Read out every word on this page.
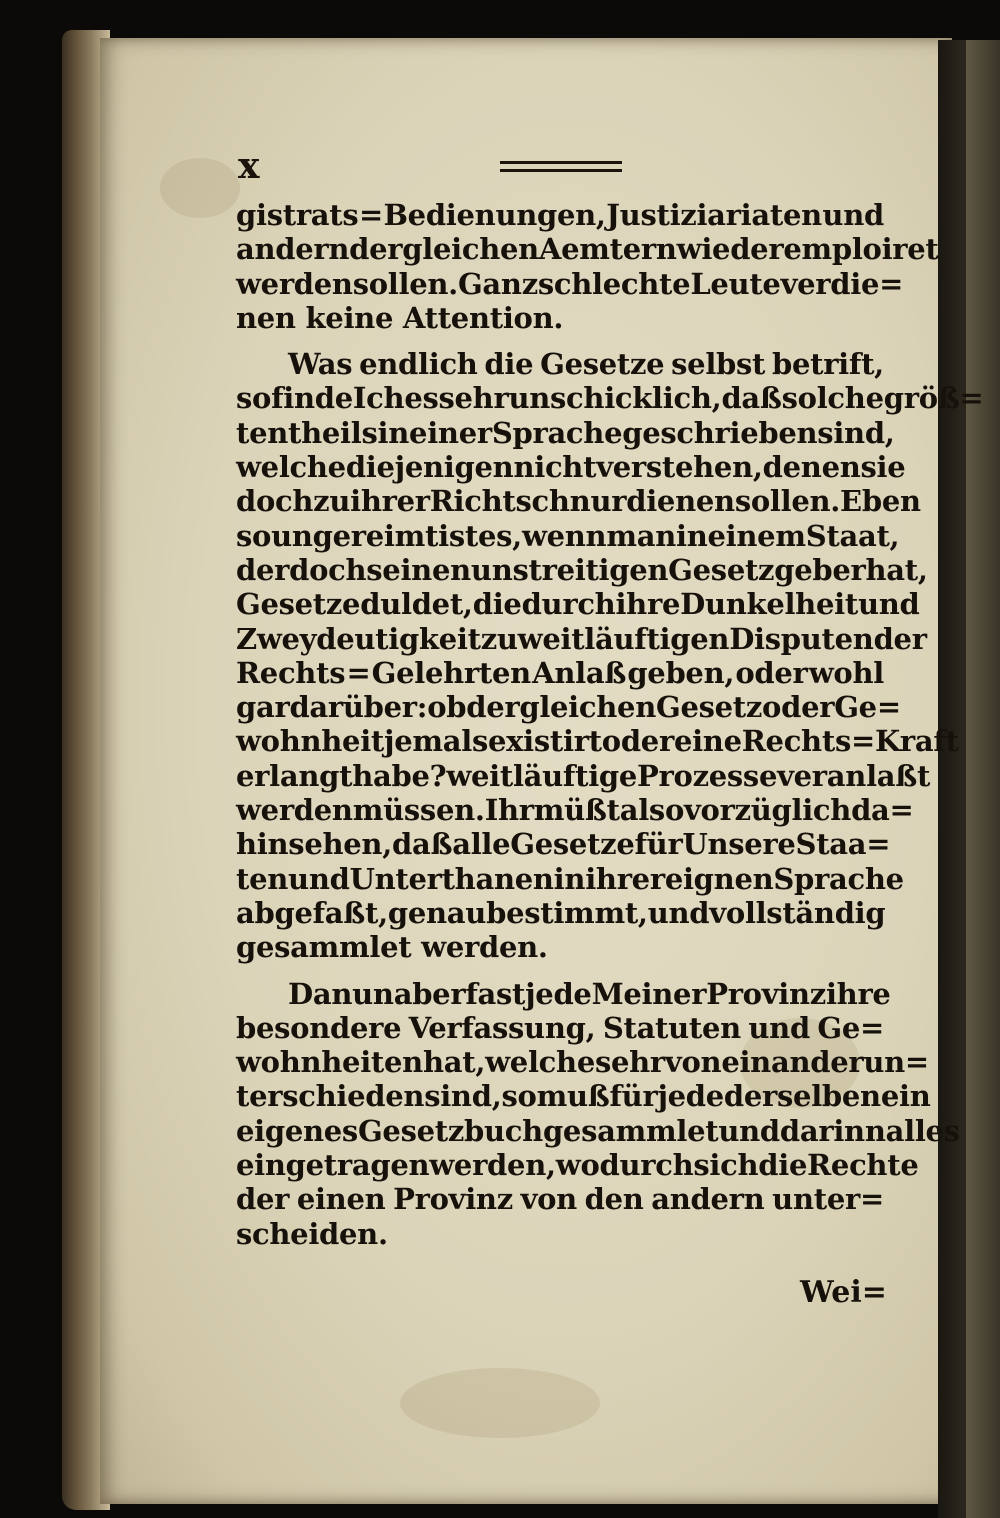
x
gistrats = Bedienungen, Justiziariaten und
andern dergleichen Aemtern wieder emploiret
werden sollen. Ganz schlechte Leute verdie=
nen keine Attention.
Was endlich die Gesetze selbst betrift,
so finde Ich es sehr unschicklich, daß solche größ=
tentheils in einer Sprache geschrieben sind,
welche diejenigen nicht verstehen, denen sie
doch zu ihrer Richtschnur dienen sollen. Eben
so ungereimt ist es, wenn man in einem Staat,
der doch seinen unstreitigen Gesetzgeber hat,
Gesetze duldet, die durch ihre Dunkelheit und
Zweydeutigkeit zu weitläuftigen Disputen der
Rechts = Gelehrten Anlaß geben, oder wohl
gar darüber: ob dergleichen Gesetz oder Ge=
wohnheit jemals existirt oder eine Rechts=Kraft
erlangt habe? weitläuftige Prozesse veranlaßt
werden müssen. Ihr müßt also vorzüglich da=
hin sehen, daß alle Gesetze für Unsere Staa=
ten und Unterthanen in ihrer eignen Sprache
abgefaßt, genau bestimmt, und vollständig
gesammlet werden.
Da nun aber fast jede Meiner Provinz ihre
besondere Verfassung, Statuten und Ge=
wohnheiten hat, welche sehr von einander un=
terschieden sind, so muß für jede derselben ein
eigenes Gesetzbuch gesammlet und darinn alles
eingetragen werden, wodurch sich die Rechte
der einen Provinz von den andern unter=
scheiden.
Wei=
